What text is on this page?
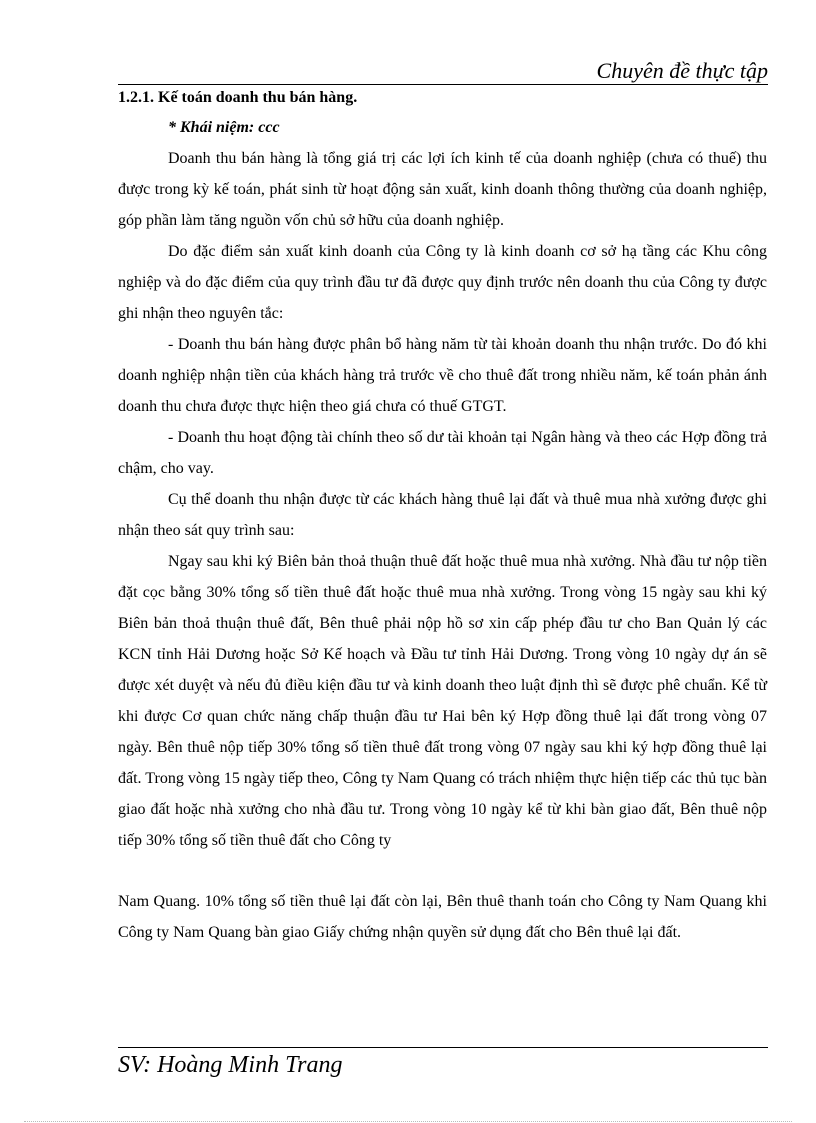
Chuyên đề thực tập

1.2.1. Kế toán doanh thu bán hàng.

* Khái niệm: ccc

Doanh thu bán hàng là tổng giá trị các lợi ích kinh tế của doanh nghiệp (chưa có thuế) thu được trong kỳ kế toán, phát sinh từ hoạt động sản xuất, kinh doanh thông thường của doanh nghiệp, góp phần làm tăng nguồn vốn chủ sở hữu của doanh nghiệp.

Do đặc điểm sản xuất kinh doanh của Công ty là kinh doanh cơ sở hạ tầng các Khu công nghiệp và do đặc điểm của quy trình đầu tư đã được quy định trước nên doanh thu của Công ty được ghi nhận theo nguyên tắc:

- Doanh thu bán hàng được phân bổ hàng năm từ tài khoản doanh thu nhận trước. Do đó khi doanh nghiệp nhận tiền của khách hàng trả trước về cho thuê đất trong nhiều năm, kế toán phản ánh doanh thu chưa được thực hiện theo giá chưa có thuế GTGT.

- Doanh thu hoạt động tài chính theo số dư tài khoản tại Ngân hàng và theo các Hợp đồng trả chậm, cho vay.

Cụ thể doanh thu nhận được từ các khách hàng thuê lại đất và thuê mua nhà xưởng được ghi nhận theo sát quy trình sau:

Ngay sau khi ký Biên bản thoả thuận thuê đất hoặc thuê mua nhà xưởng. Nhà đầu tư nộp tiền đặt cọc bằng 30% tổng số tiền thuê đất hoặc thuê mua nhà xưởng. Trong vòng 15 ngày sau khi ký Biên bản thoả thuận thuê đất, Bên thuê phải nộp hồ sơ xin cấp phép đầu tư cho Ban Quản lý các KCN tỉnh Hải Dương hoặc Sở Kế hoạch và Đầu tư tỉnh Hải Dương. Trong vòng 10 ngày dự án sẽ được xét duyệt và nếu đủ điều kiện đầu tư và kinh doanh theo luật định thì sẽ được phê chuẩn. Kể từ khi được Cơ quan chức năng chấp thuận đầu tư Hai bên ký Hợp đồng thuê lại đất trong vòng 07 ngày. Bên thuê nộp tiếp 30% tổng số tiền thuê đất trong vòng 07 ngày sau khi ký hợp đồng thuê lại đất. Trong vòng 15 ngày tiếp theo, Công ty Nam Quang có trách nhiệm thực hiện tiếp các thủ tục bàn giao đất hoặc nhà xưởng cho nhà đầu tư. Trong vòng 10 ngày kể từ khi bàn giao đất, Bên thuê nộp tiếp 30% tổng số tiền thuê đất cho Công ty

Nam Quang. 10% tổng số tiền thuê lại đất còn lại, Bên thuê thanh toán cho Công ty Nam Quang khi Công ty Nam Quang bàn giao Giấy chứng nhận quyền sử dụng đất cho Bên thuê lại đất.

SV: Hoàng Minh Trang
